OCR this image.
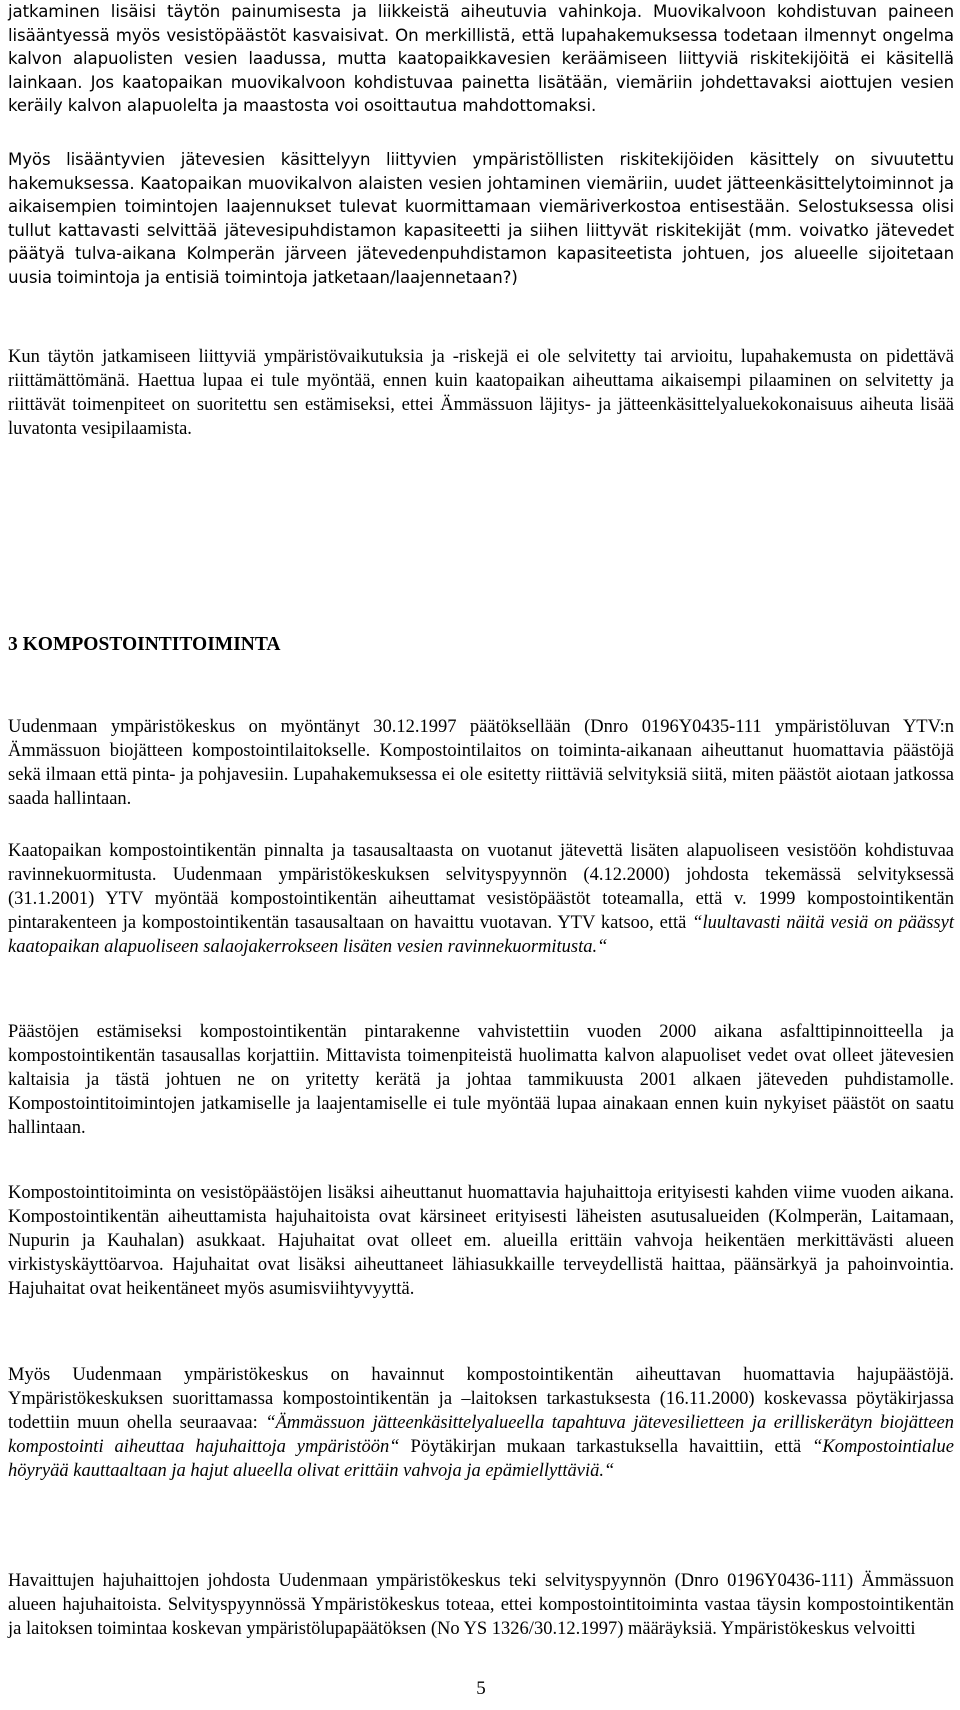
jatkaminen lisäisi täytön painumisesta ja liikkeistä aiheutuvia vahinkoja. Muovikalvoon kohdistuvan paineen lisääntyessä myös vesistöpäästöt kasvaisivat. On merkillistä, että lupahakemuksessa todetaan ilmennyt ongelma kalvon alapuolisten vesien laadussa, mutta kaatopaikkavesien keräämiseen liittyviä riskitekijöitä ei käsitellä lainkaan. Jos kaatopaikan muovikalvoon kohdistuvaa painetta lisätään, viemäriin johdettavaksi aiottujen vesien keräily kalvon alapuolelta ja maastosta voi osoittautua mahdottomaksi.

Myös lisääntyvien jätevesien käsittelyyn liittyvien ympäristöllisten riskitekijöiden käsittely on sivuutettu hakemuksessa. Kaatopaikan muovikalvon alaisten vesien johtaminen viemäriin, uudet jätteenkäsittelytoiminnot ja aikaisempien toimintojen laajennukset tulevat kuormittamaan viemäriverkostoa entisestään. Selostuksessa olisi tullut kattavasti selvittää jätevesipuhdistamon kapasiteetti ja siihen liittyvät riskitekijät (mm. voivatko jätevedet päätyä tulva-aikana Kolmperän järveen jätevedenpuhdistamon kapasiteetista johtuen, jos alueelle sijoitetaan uusia toimintoja ja entisiä toimintoja jatketaan/laajennetaan?)

Kun täytön jatkamiseen liittyviä ympäristövaikutuksia ja -riskejä ei ole selvitetty tai arvioitu, lupahakemusta on pidettävä riittämättömänä. Haettua lupaa ei tule myöntää, ennen kuin kaatopaikan aiheuttama aikaisempi pilaaminen on selvitetty ja riittävät toimenpiteet on suoritettu sen estämiseksi, ettei Ämmässuon läjitys- ja jätteenkäsittelyaluekokonaisuus aiheuta lisää luvatonta vesipilaamista.

3 KOMPOSTOINTITOIMINTA

Uudenmaan ympäristökeskus on myöntänyt 30.12.1997 päätöksellään (Dnro 0196Y0435-111 ympäristöluvan YTV:n Ämmässuon biojätteen kompostointilaitokselle. Kompostointilaitos on toiminta-aikanaan aiheuttanut huomattavia päästöjä sekä ilmaan että pinta- ja pohjavesiin. Lupahakemuksessa ei ole esitetty riittäviä selvityksiä siitä, miten päästöt aiotaan jatkossa saada hallintaan.

Kaatopaikan kompostointikentän pinnalta ja tasausaltaasta on vuotanut jätevettä lisäten alapuoliseen vesistöön kohdistuvaa ravinnekuormitusta. Uudenmaan ympäristökeskuksen selvityspyynnön (4.12.2000) johdosta tekemässä selvityksessä (31.1.2001) YTV myöntää kompostointikentän aiheuttamat vesistöpäästöt toteamalla, että v. 1999 kompostointikentän pintarakenteen ja kompostointikentän tasausaltaan on havaittu vuotavan. YTV katsoo, että “luultavasti näitä vesiä on päässyt kaatopaikan alapuoliseen salaojakerrokseen lisäten vesien ravinnekuormitusta.“

Päästöjen estämiseksi kompostointikentän pintarakenne vahvistettiin vuoden 2000 aikana asfalttipinnoitteella ja kompostointikentän tasausallas korjattiin. Mittavista toimenpiteistä huolimatta kalvon alapuoliset vedet ovat olleet jätevesien kaltaisia ja tästä johtuen ne on yritetty kerätä ja johtaa tammikuusta 2001 alkaen jäteveden puhdistamolle. Kompostointitoimintojen jatkamiselle ja laajentamiselle ei tule myöntää lupaa ainakaan ennen kuin nykyiset päästöt on saatu hallintaan.

Kompostointitoiminta on vesistöpäästöjen lisäksi aiheuttanut huomattavia hajuhaittoja erityisesti kahden viime vuoden aikana. Kompostointikentän aiheuttamista hajuhaitoista ovat kärsineet erityisesti läheisten asutusalueiden (Kolmperän, Laitamaan, Nupurin ja Kauhalan) asukkaat. Hajuhaitat ovat olleet em. alueilla erittäin vahvoja heikentäen merkittävästi alueen virkistyskäyttöarvoa. Hajuhaitat ovat lisäksi aiheuttaneet lähiasukkaille terveydellistä haittaa, päänsärkyä ja pahoinvointia. Hajuhaitat ovat heikentäneet myös asumisviihtyvyyttä.

Myös Uudenmaan ympäristökeskus on havainnut kompostointikentän aiheuttavan huomattavia hajupäästöjä. Ympäristökeskuksen suorittamassa kompostointikentän ja –laitoksen tarkastuksesta (16.11.2000) koskevassa pöytäkirjassa todettiin muun ohella seuraavaa: “Ämmässuon jätteenkäsittelyalueella tapahtuva jätevesilietteen ja erilliskerätyn biojätteen kompostointi aiheuttaa hajuhaittoja ympäristöön“ Pöytäkirjan mukaan tarkastuksella havaittiin, että “Kompostointialue höyryää kauttaaltaan ja hajut alueella olivat erittäin vahvoja ja epämiellyttäviä.“

Havaittujen hajuhaittojen johdosta Uudenmaan ympäristökeskus teki selvityspyynnön (Dnro 0196Y0436-111) Ämmässuon alueen hajuhaitoista. Selvityspyynnössä Ympäristökeskus toteaa, ettei kompostointitoiminta vastaa täysin kompostointikentän ja laitoksen toimintaa koskevan ympäristölupapäätöksen (No YS 1326/30.12.1997) määräyksiä. Ympäristökeskus velvoitti

5
